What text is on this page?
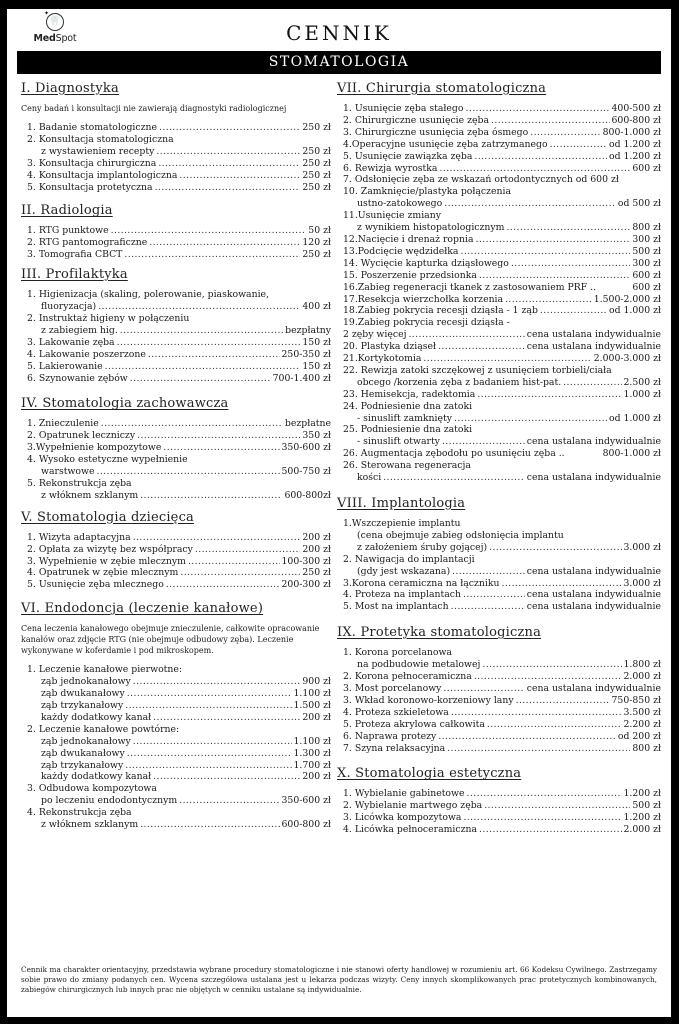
✦
🦷
MedSpot	CENNIK
STOMATOLOGIA
I. Diagnostyka
Ceny badań i konsultacji nie zawierają diagnostyki radiologicznej
1. Badanie stomatologiczne .....	250 zł
2. Konsultacja stomatologiczna
z wystawieniem recepty .....	250 zł
3. Konsultacja chirurgiczna .....	250 zł
4. Konsultacja implantologiczna .....	250 zł
5. Konsultacja protetyczna .....	250 zł
II. Radiologia
1. RTG punktowe .....	50 zł
2. RTG pantomograficzne .....	120 zł
3. Tomografia CBCT .....	250 zł
III. Profilaktyka
1. Higienizacja (skaling, polerowanie, piaskowanie,
fluoryzacja) .....	400 zł
2. Instruktaż higieny w połączeniu
z zabiegiem hig. .....	bezpłatny
3. Lakowanie zęba .....	150 zł
4. Lakowanie poszerzone .....	250-350 zł
5. Lakierowanie .....	150 zł
6. Szynowanie zębów .....	700-1.400 zł
IV. Stomatologia zachowawcza
1. Znieczulenie .....	bezpłatne
2. Opatrunek leczniczy .....	350 zł
3.Wypełnienie kompozytowe .....	350-600 zł
4. Wysoko estetyczne wypełnienie
warstwowe .....	500-750 zł
5. Rekonstrukcja zęba
z włóknem szklanym .....	600-800zł
V. Stomatologia dziecięca
1. Wizyta adaptacyjna .....	200 zł
2. Opłata za wizytę bez współpracy .....	200 zł
3. Wypełnienie w zębie mlecznym .....	100-300 zł
4. Opatrunek w zębie mlecznym .....	250 zł
5. Usunięcie zęba mlecznego .....	200-300 zł
VI. Endodoncja (leczenie kanałowe)
Cena leczenia kanałowego obejmuje znieczulenie, całkowite opracowanie kanałów oraz zdjęcie RTG (nie obejmuje odbudowy zęba). Leczenie wykonywane w koferdamie i pod mikroskopem.
1. Leczenie kanałowe pierwotne:
ząb jednokanałowy .....	900 zł
ząb dwukanałowy .....	1.100 zł
ząb trzykanałowy .....	1.500 zł
każdy dodatkowy kanał .....	200 zł
2. Leczenie kanałowe powtórne:
ząb jednokanałowy .....	1.100 zł
ząb dwukanałowy .....	1.300 zł
ząb trzykanałowy .....	1.700 zł
każdy dodatkowy kanał .....	200 zł
3. Odbudowa kompozytowa
po leczeniu endodontycznym .....	350-600 zł
4. Rekonstrukcja zęba
z włóknem szklanym .....	600-800 zł
VII. Chirurgia stomatologiczna
1. Usunięcie zęba stałego .....	400-500 zł
2. Chirurgiczne usunięcie zęba .....	600-800 zł
3. Chirurgiczne usunięcia zęba ósmego .....	800-1.000 zł
4.Operacyjne usunięcie zęba zatrzymanego .....	od 1.200 zł
5. Usunięcie zawiązka zęba .....	od 1.200 zł
6. Rewizja wyrostka .....	600 zł
7. Odsłonięcie zęba ze wskazań ortodontycznych od 600 zł
10. Zamknięcie/plastyka połączenia
ustno-zatokowego .....	od 500 zł
11.Usunięcie zmiany
z wynikiem histopatologicznym .....	800 zł
12.Nacięcie i drenaż ropnia .....	300 zł
13.Podcięcie wędzidełka .....	500 zł
14. Wycięcie kapturka dziąsłowego .....	300 zł
15. Poszerzenie przedsionka .....	600 zł
16.Zabieg regeneracji tkanek z zastosowaniem PRF ..	600 zł
17.Resekcja wierzchołka korzenia .....	1.500-2.000 zł
18.Zabieg pokrycia recesji dziąsła - 1 ząb .....	od 1.000 zł
19.Zabieg pokrycia recesji dziąsła -
2 zęby więcej .....	cena ustalana indywidualnie
20. Plastyka dziąseł .....	cena ustalana indywidualnie
21.Kortykotomia .....	2.000-3.000 zł
22. Rewizja zatoki szczękowej z usunięciem torbieli/ciała
obcego /korzenia zęba z badaniem hist-pat. .....	2.500 zł
23. Hemisekcja, radektomia .....	1.000 zł
24. Podniesienie dna zatoki
- sinuslift zamknięty .....	od 1.000 zł
25. Podniesienie dna zatoki
- sinuslift otwarty .....	cena ustalana indywidualnie
26. Augmentacja zębodołu po usunięciu zęba ..	800-1.000 zł
26. Sterowana regeneracja
kości .....	cena ustalana indywidualnie
VIII. Implantologia
1.Wszczepienie implantu
(cena obejmuje zabieg odsłonięcia implantu
z założeniem śruby gojącej) .....	3.000 zł
2. Nawigacja do implantacji
(gdy jest wskazana) .....	cena ustalana indywidualnie
3.Korona ceramiczna na łączniku .....	3.000 zł
4. Proteza na implantach .....	cena ustalana indywidualnie
5. Most na implantach .....	cena ustalana indywidualnie
IX. Protetyka stomatologiczna
1. Korona porcelanowa
na podbudowie metalowej .....	1.800 zł
2. Korona pełnoceramiczna .....	2.000 zł
3. Most porcelanowy .....	cena ustalana indywidualnie
3. Wkład koronowo-korzeniowy lany .....	750-850 zł
4. Proteza szkieletowa .....	3.500 zł
5. Proteza akrylowa całkowita .....	2.200 zł
6. Naprawa protezy .....	od 200 zł
7. Szyna relaksacyjna .....	800 zł
X. Stomatologia estetyczna
1. Wybielanie gabinetowe .....	1.200 zł
2. Wybielanie martwego zęba .....	500 zł
3. Licówka kompozytowa .....	1.200 zł
4. Licówka pełnoceramiczna .....	2.000 zł
Cennik ma charakter orientacyjny, przedstawia wybrane procedury stomatologiczne i nie stanowi oferty handlowej w rozumieniu art. 66 Kodeksu Cywilnego. Zastrzegamy sobie prawo do zmiany podanych cen. Wycena szczegółowa ustalana jest u lekarza podczas wizyty. Ceny innych skomplikowanych prac protetycznych kombinowanych, zabiegów chirurgicznych lub innych prac nie objętych w cenniku ustalane są indywidualnie.
